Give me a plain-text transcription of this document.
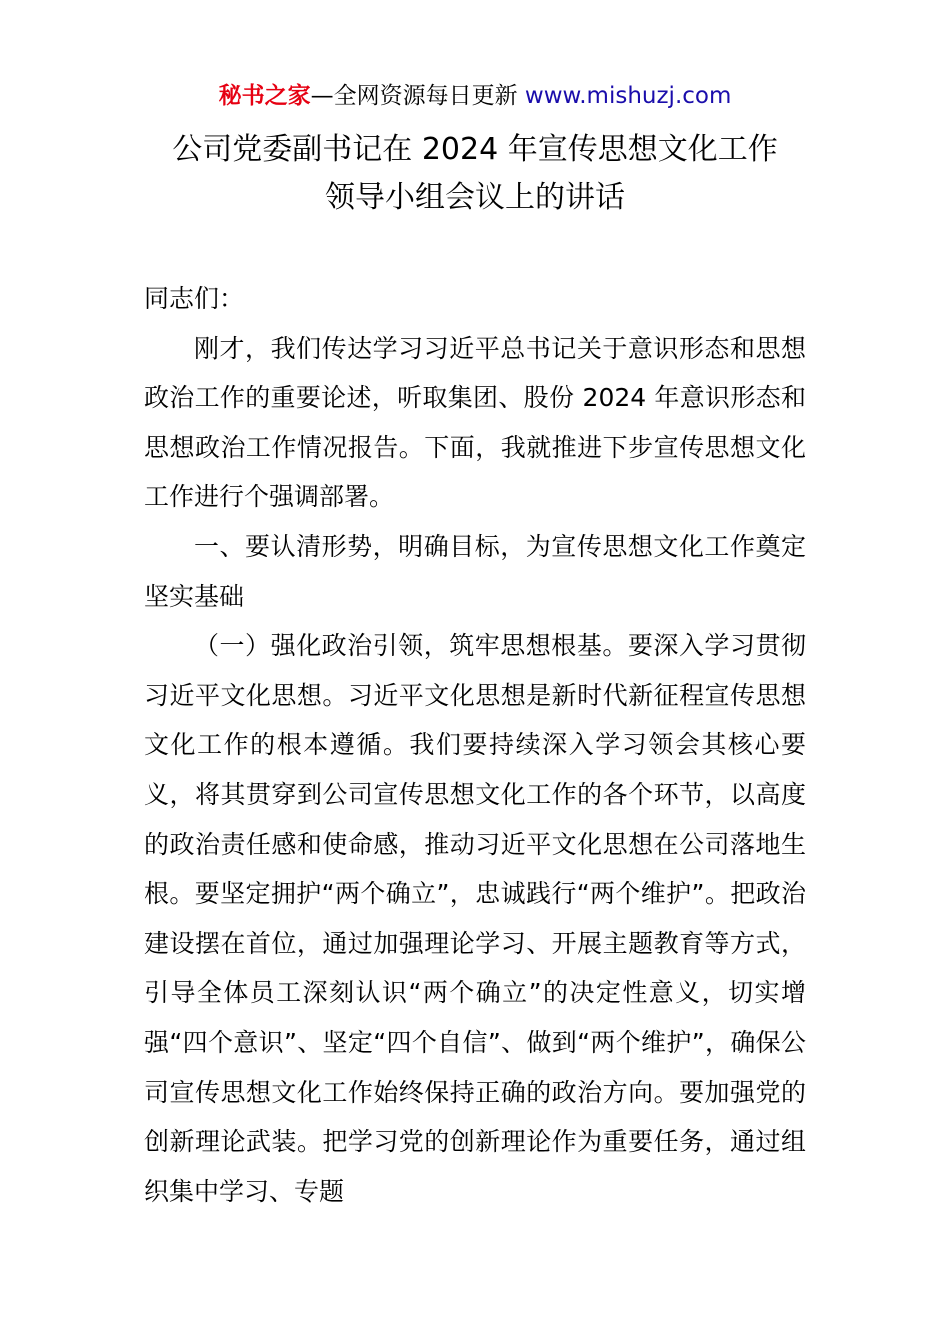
秘书之家—全网资源每日更新 www.mishuzj.com
公司党委副书记在 2024 年宣传思想文化工作
领导小组会议上的讲话

同志们：

刚才，我们传达学习习近平总书记关于意识形态和思想政治工作的重要论述，听取集团、股份 2024 年意识形态和思想政治工作情况报告。下面，我就推进下步宣传思想文化工作进行个强调部署。

一、要认清形势，明确目标，为宣传思想文化工作奠定坚实基础

（一）强化政治引领，筑牢思想根基。要深入学习贯彻习近平文化思想。习近平文化思想是新时代新征程宣传思想文化工作的根本遵循。我们要持续深入学习领会其核心要义，将其贯穿到公司宣传思想文化工作的各个环节，以高度的政治责任感和使命感，推动习近平文化思想在公司落地生根。要坚定拥护“两个确立”，忠诚践行“两个维护”。把政治建设摆在首位，通过加强理论学习、开展主题教育等方式，引导全体员工深刻认识“两个确立”的决定性意义，切实增强“四个意识”、坚定“四个自信”、做到“两个维护”，确保公司宣传思想文化工作始终保持正确的政治方向。要加强党的创新理论武装。把学习党的创新理论作为重要任务，通过组织集中学习、专题
